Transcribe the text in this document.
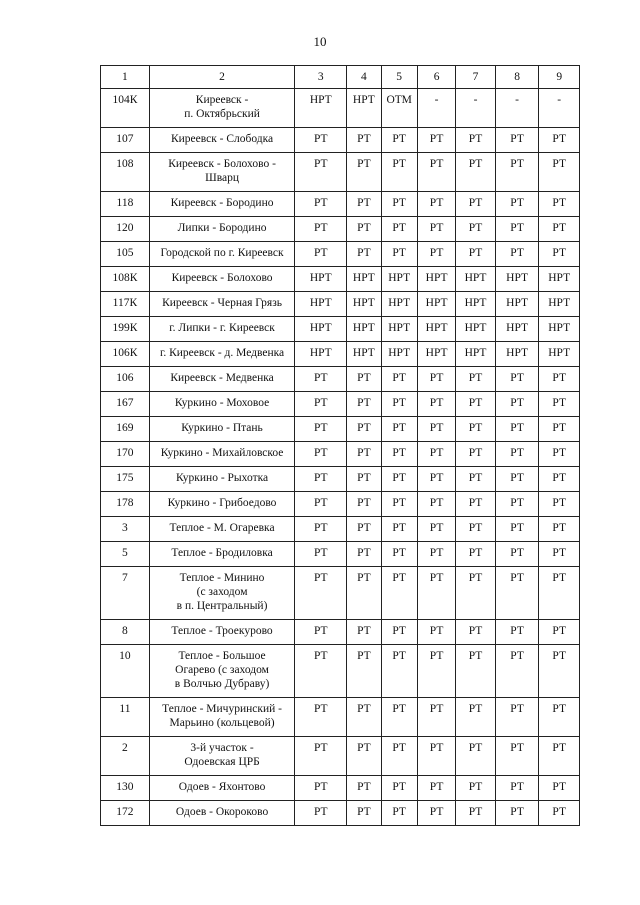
10
1	2	3	4	5	6	7	8	9
104К	Киреевск -
п. Октябрьский	НРТ	НРТ	ОТМ	-	-	-	-
107	Киреевск - Слободка	РТ	РТ	РТ	РТ	РТ	РТ	РТ
108	Киреевск - Болохово -
Шварц	РТ	РТ	РТ	РТ	РТ	РТ	РТ
118	Киреевск - Бородино	РТ	РТ	РТ	РТ	РТ	РТ	РТ
120	Липки - Бородино	РТ	РТ	РТ	РТ	РТ	РТ	РТ
105	Городской по г. Киреевск	РТ	РТ	РТ	РТ	РТ	РТ	РТ
108К	Киреевск - Болохово	НРТ	НРТ	НРТ	НРТ	НРТ	НРТ	НРТ
117К	Киреевск - Черная Грязь	НРТ	НРТ	НРТ	НРТ	НРТ	НРТ	НРТ
199К	г. Липки - г. Киреевск	НРТ	НРТ	НРТ	НРТ	НРТ	НРТ	НРТ
106К	г. Киреевск - д. Медвенка	НРТ	НРТ	НРТ	НРТ	НРТ	НРТ	НРТ
106	Киреевск - Медвенка	РТ	РТ	РТ	РТ	РТ	РТ	РТ
167	Куркино - Моховое	РТ	РТ	РТ	РТ	РТ	РТ	РТ
169	Куркино - Птань	РТ	РТ	РТ	РТ	РТ	РТ	РТ
170	Куркино - Михайловское	РТ	РТ	РТ	РТ	РТ	РТ	РТ
175	Куркино - Рыхотка	РТ	РТ	РТ	РТ	РТ	РТ	РТ
178	Куркино - Грибоедово	РТ	РТ	РТ	РТ	РТ	РТ	РТ
3	Теплое - М. Огаревка	РТ	РТ	РТ	РТ	РТ	РТ	РТ
5	Теплое - Бродиловка	РТ	РТ	РТ	РТ	РТ	РТ	РТ
7	Теплое - Минино
(с заходом
в п. Центральный)	РТ	РТ	РТ	РТ	РТ	РТ	РТ
8	Теплое - Троекурово	РТ	РТ	РТ	РТ	РТ	РТ	РТ
10	Теплое - Большое
Огарево (с заходом
в Волчью Дубраву)	РТ	РТ	РТ	РТ	РТ	РТ	РТ
11	Теплое - Мичуринский -
Марьино (кольцевой)	РТ	РТ	РТ	РТ	РТ	РТ	РТ
2	3-й участок -
Одоевская ЦРБ	РТ	РТ	РТ	РТ	РТ	РТ	РТ
130	Одоев - Яхонтово	РТ	РТ	РТ	РТ	РТ	РТ	РТ
172	Одоев - Окороково	РТ	РТ	РТ	РТ	РТ	РТ	РТ
